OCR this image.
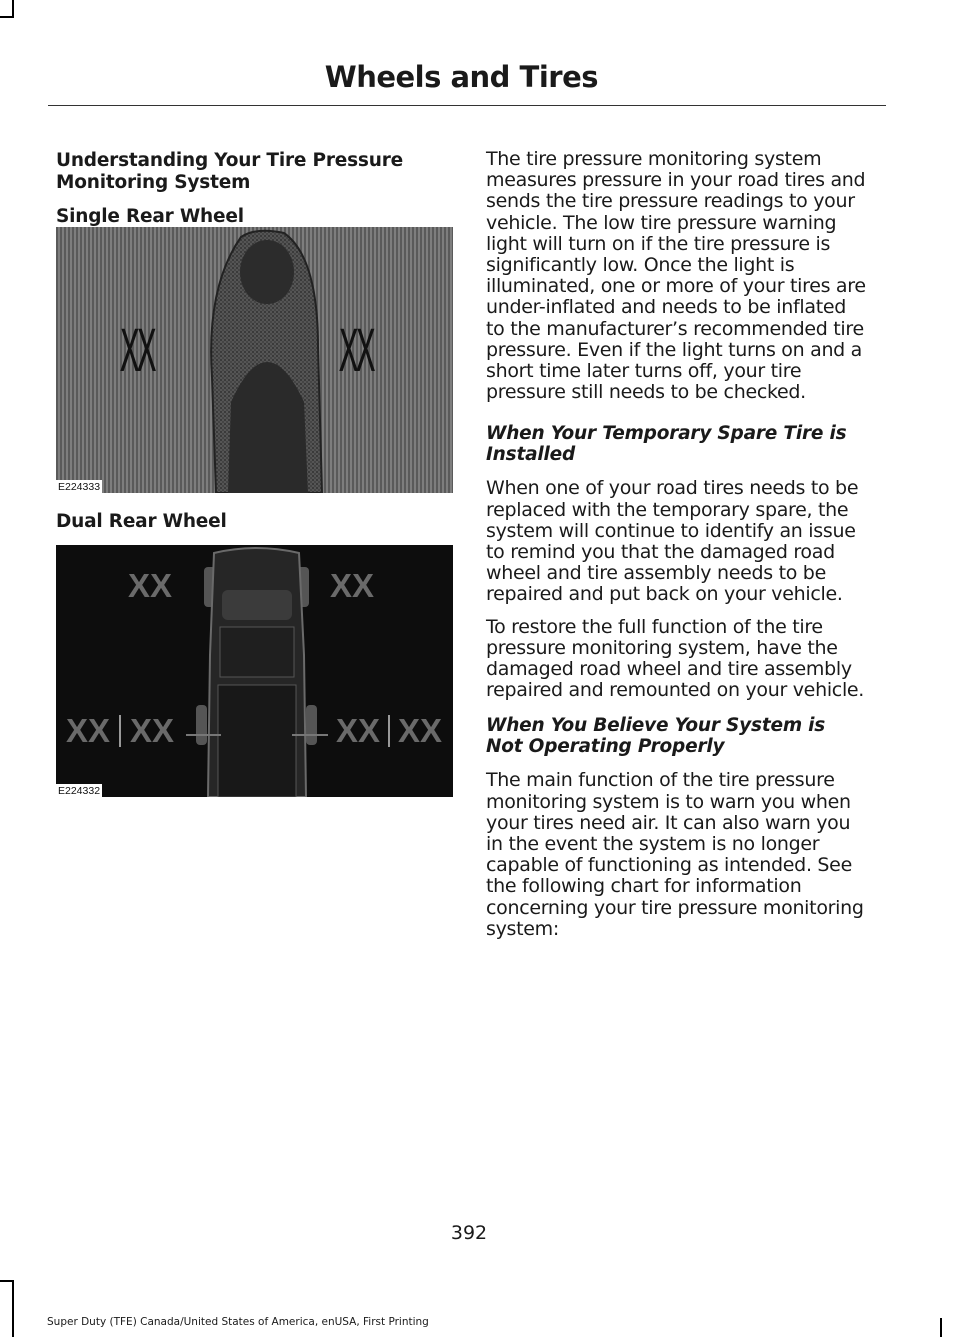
Wheels and Tires

Understanding Your Tire Pressure Monitoring System

Single Rear Wheel

XX	XX
E224333

Dual Rear Wheel

XX	XX
XX XX	XX XX
E224332

The tire pressure monitoring system measures pressure in your road tires and sends the tire pressure readings to your vehicle. The low tire pressure warning light will turn on if the tire pressure is significantly low. Once the light is illuminated, one or more of your tires are under-inflated and needs to be inflated to the manufacturer’s recommended tire pressure. Even if the light turns on and a short time later turns off, your tire pressure still needs to be checked.

When Your Temporary Spare Tire is Installed

When one of your road tires needs to be replaced with the temporary spare, the system will continue to identify an issue to remind you that the damaged road wheel and tire assembly needs to be repaired and put back on your vehicle.

To restore the full function of the tire pressure monitoring system, have the damaged road wheel and tire assembly repaired and remounted on your vehicle.

When You Believe Your System is Not Operating Properly

The main function of the tire pressure monitoring system is to warn you when your tires need air. It can also warn you in the event the system is no longer capable of functioning as intended. See the following chart for information concerning your tire pressure monitoring system:

392
Super Duty (TFE) Canada/United States of America, enUSA, First Printing
